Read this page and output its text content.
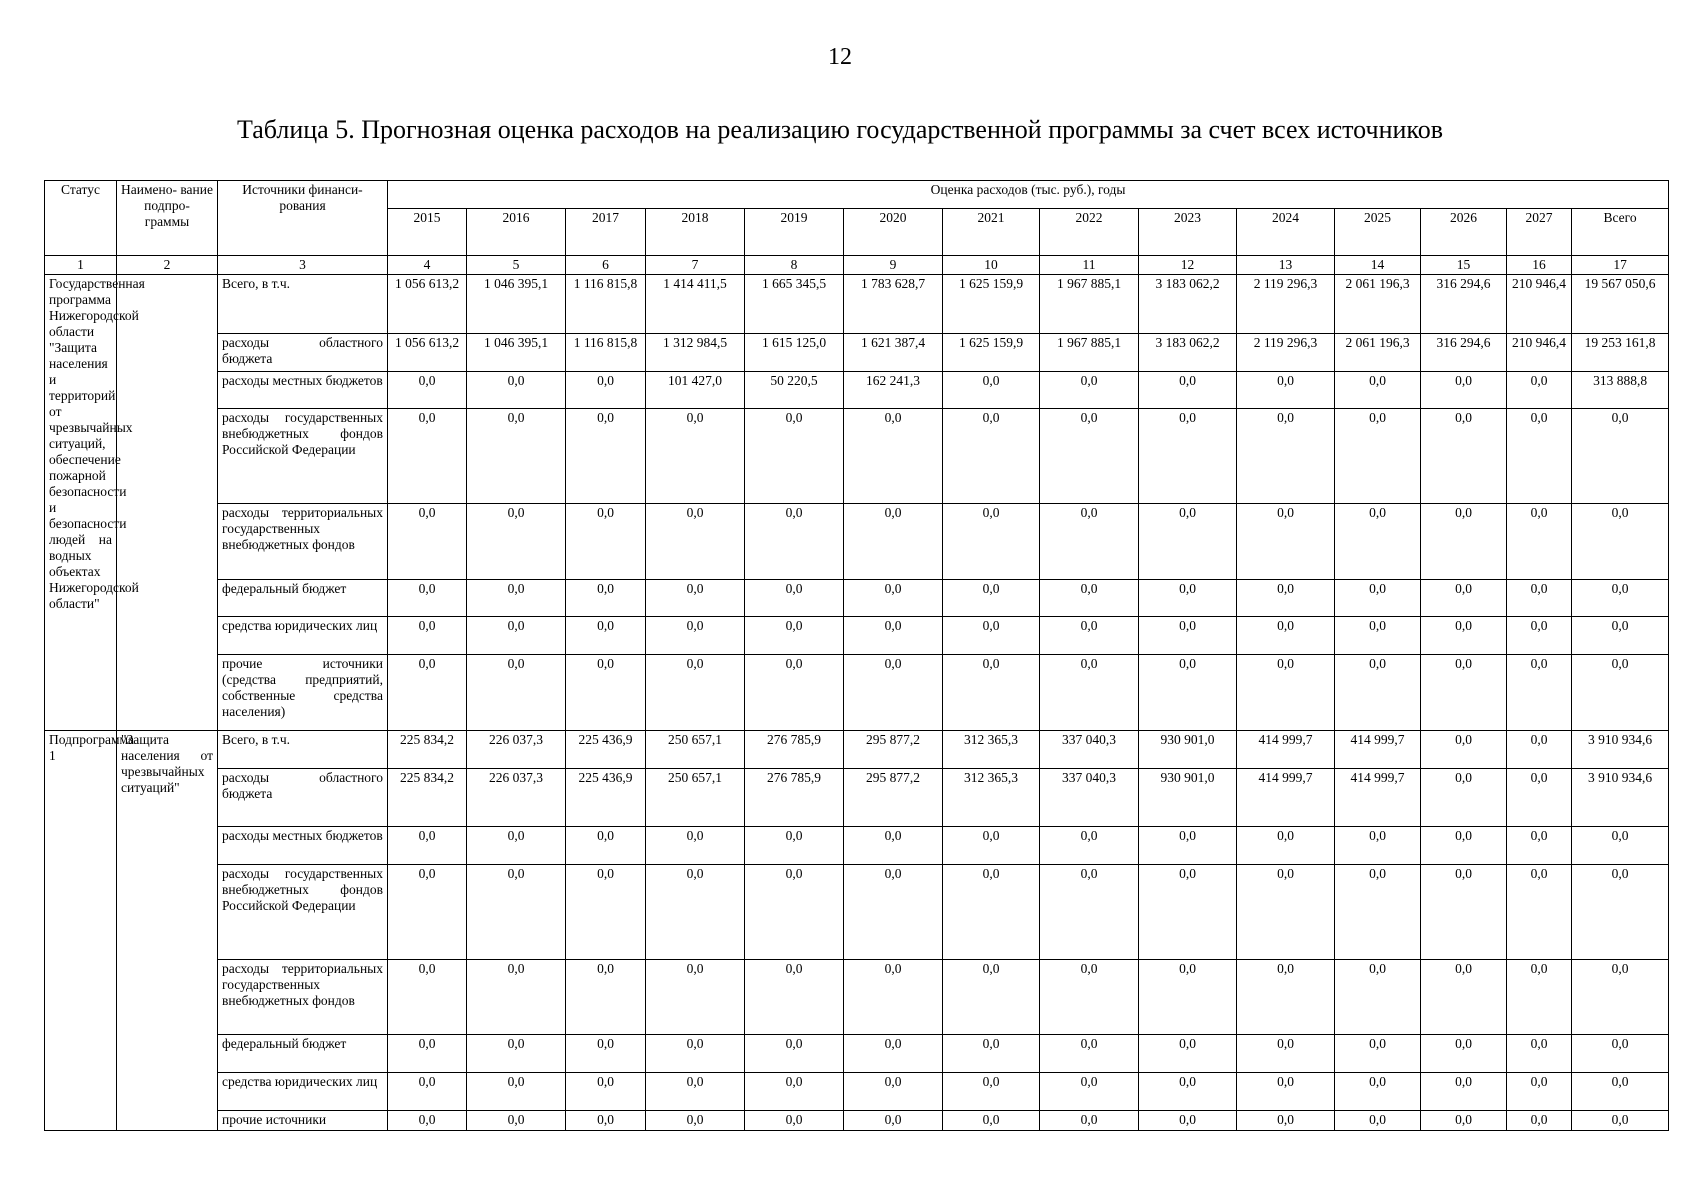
12
Таблица 5. Прогнозная оценка расходов на реализацию государственной программы за счет всех источников
Статус	Наимено- вание подпро- граммы	Источники финанси- рования	Оценка расходов (тыс. руб.), годы													
			2015	2016	2017	2018	2019	2020	2021	2022	2023	2024	2025	2026	2027	Всего
1	2	3	4	5	6	7	8	9	10	11	12	13	14	15	16	17
Государственная программа Нижегородской области "Защита населения и территорий от чрезвычайных ситуаций, обеспечение пожарной безопасности и безопасности людей на водных объектах Нижегородской области"		Всего, в т.ч.	1 056 613,2	1 046 395,1	1 116 815,8	1 414 411,5	1 665 345,5	1 783 628,7	1 625 159,9	1 967 885,1	3 183 062,2	2 119 296,3	2 061 196,3	316 294,6	210 946,4	19 567 050,6
		расходы областного бюджета	1 056 613,2	1 046 395,1	1 116 815,8	1 312 984,5	1 615 125,0	1 621 387,4	1 625 159,9	1 967 885,1	3 183 062,2	2 119 296,3	2 061 196,3	316 294,6	210 946,4	19 253 161,8
		расходы местных бюджетов	0,0	0,0	0,0	101 427,0	50 220,5	162 241,3	0,0	0,0	0,0	0,0	0,0	0,0	0,0	313 888,8
		расходы государственных внебюджетных фондов Российской Федерации	0,0	0,0	0,0	0,0	0,0	0,0	0,0	0,0	0,0	0,0	0,0	0,0	0,0	0,0
		расходы территориальных государственных внебюджетных фондов	0,0	0,0	0,0	0,0	0,0	0,0	0,0	0,0	0,0	0,0	0,0	0,0	0,0	0,0
		федеральный бюджет	0,0	0,0	0,0	0,0	0,0	0,0	0,0	0,0	0,0	0,0	0,0	0,0	0,0	0,0
		средства юридических лиц	0,0	0,0	0,0	0,0	0,0	0,0	0,0	0,0	0,0	0,0	0,0	0,0	0,0	0,0
		прочие источники (средства предприятий, собственные средства населения)	0,0	0,0	0,0	0,0	0,0	0,0	0,0	0,0	0,0	0,0	0,0	0,0	0,0	0,0
Подпрограмма 1	"Защита населения от чрезвычайных ситуаций"	Всего, в т.ч.	225 834,2	226 037,3	225 436,9	250 657,1	276 785,9	295 877,2	312 365,3	337 040,3	930 901,0	414 999,7	414 999,7	0,0	0,0	3 910 934,6
		расходы областного бюджета	225 834,2	226 037,3	225 436,9	250 657,1	276 785,9	295 877,2	312 365,3	337 040,3	930 901,0	414 999,7	414 999,7	0,0	0,0	3 910 934,6
		расходы местных бюджетов	0,0	0,0	0,0	0,0	0,0	0,0	0,0	0,0	0,0	0,0	0,0	0,0	0,0	0,0
		расходы государственных внебюджетных фондов Российской Федерации	0,0	0,0	0,0	0,0	0,0	0,0	0,0	0,0	0,0	0,0	0,0	0,0	0,0	0,0
		расходы территориальных государственных внебюджетных фондов	0,0	0,0	0,0	0,0	0,0	0,0	0,0	0,0	0,0	0,0	0,0	0,0	0,0	0,0
		федеральный бюджет	0,0	0,0	0,0	0,0	0,0	0,0	0,0	0,0	0,0	0,0	0,0	0,0	0,0	0,0
		средства юридических лиц	0,0	0,0	0,0	0,0	0,0	0,0	0,0	0,0	0,0	0,0	0,0	0,0	0,0	0,0
		прочие источники	0,0	0,0	0,0	0,0	0,0	0,0	0,0	0,0	0,0	0,0	0,0	0,0	0,0	0,0
